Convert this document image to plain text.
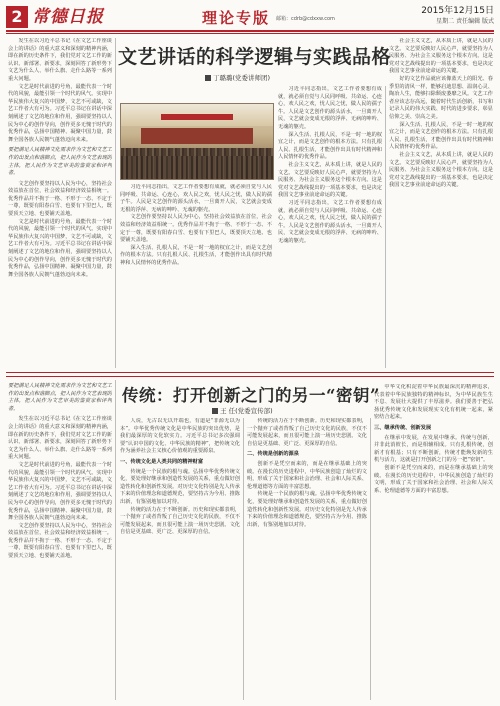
2 常德日报	理论专版 邮箱：cdrb@cdxxw.com
2015年12月15日
星期二 责任编辑 版式
文艺讲话的科学逻辑与实践品格
丁璐璐(党委讲师团)

发生在以习近平总书记《在文艺工作座谈会上的讲话》的重大意义和深刻的精神内涵，即在新的历史条件下，我们党对文艺工作的新认识、新部署、新要求，深刻回答了新形势下文艺为什么人、举什么旗、走什么路等一系列重大问题。

文艺是时代前进的号角，最能代表一个时代的风貌，最能引领一个时代的风气。实现中华民族伟大复兴的中国梦，文艺不可或缺，文艺工作者大有可为。习近平总书记在讲话中深刻阐述了文艺的地位和作用，强调要坚持以人民为中心的创作导向，创作更多无愧于时代的优秀作品，弘扬中国精神、凝聚中国力量，鼓舞全国各族人民朝气蓬勃迈向未来。

要把满足人民精神文化需求作为文艺和文艺工作的出发点和落脚点，把人民作为文艺表现的主体，把人民作为文艺审美的鉴赏家和评判者。

文艺创作要坚持以人民为中心，坚持社会效益放在首位，社会效益和经济效益相统一。优秀作品并不拘于一格、不形于一态、不定于一尊，既要有阳春白雪、也要有下里巴人，既要顶天立地、也要铺天盖地。

文艺是时代前进的号角，最能代表一个时代的风貌，最能引领一个时代的风气。实现中华民族伟大复兴的中国梦，文艺不可或缺，文艺工作者大有可为。习近平总书记在讲话中深刻阐述了文艺的地位和作用，强调要坚持以人民为中心的创作导向，创作更多无愧于时代的优秀作品，弘扬中国精神、凝聚中国力量，鼓舞全国各族人民朝气蓬勃迈向未来。

习近平同志指出，文艺工作者要想有成就，就必须自觉与人民同呼吸、共命运、心连心，欢人民之欢，忧人民之忧，做人民的孺子牛。人民是文艺创作的源头活水，一旦离开人民，文艺就会变成无根的浮萍、无病的呻吟、无魂的躯壳。

深入生活、扎根人民，不是一时一地的权宜之计，而是文艺创作的根本方法。只有扎根人民、扎根生活，才能创作出具有时代精神和人民情怀的优秀作品。

社会主义文艺，从本质上讲，就是人民的文艺。文艺要反映好人民心声，就要坚持为人民服务、为社会主义服务这个根本方向。这是党对文艺战线提出的一项基本要求，也是决定我国文艺事业前途命运的关键。

习近平同志指出，文艺工作者要想有成就，就必须自觉与人民同呼吸、共命运、心连心，欢人民之欢，忧人民之忧，做人民的孺子牛。人民是文艺创作的源头活水，一旦离开人民，文艺就会变成无根的浮萍、无病的呻吟、无魂的躯壳。

社会主义文艺，从本质上讲，就是人民的文艺。文艺要反映好人民心声，就要坚持为人民服务、为社会主义服务这个根本方向。这是党对文艺战线提出的一项基本要求，也是决定我国文艺事业前途命运的关键。

好的文艺作品就应该像蓝天上的阳光、春季里的清风一样，能够启迪思想、温润心灵、陶冶人生，能够扫除颓废萎靡之风。文艺工作者应该志存高远，随着时代生活创新，书写和记录人民的伟大实践、时代的进步要求，彰显信仰之美、崇高之美。

深入生活、扎根人民，不是一时一地的权宜之计，而是文艺创作的根本方法。只有扎根人民、扎根生活，才能创作出具有时代精神和人民情怀的优秀作品。

社会主义文艺，从本质上讲，就是人民的文艺。文艺要反映好人民心声，就要坚持为人民服务、为社会主义服务这个根本方向。这是党对文艺战线提出的一项基本要求，也是决定我国文艺事业前途命运的关键。

习近平同志指出，文艺工作者要想有成就，就必须自觉与人民同呼吸、共命运、心连心，欢人民之欢，忧人民之忧，做人民的孺子牛。人民是文艺创作的源头活水，一旦离开人民，文艺就会变成无根的浮萍、无病的呻吟、无魂的躯壳。

文艺创作要坚持以人民为中心，坚持社会效益放在首位，社会效益和经济效益相统一。优秀作品并不拘于一格、不形于一态、不定于一尊，既要有阳春白雪、也要有下里巴人，既要顶天立地、也要铺天盖地。

深入生活、扎根人民，不是一时一地的权宜之计，而是文艺创作的根本方法。只有扎根人民、扎根生活，才能创作出具有时代精神和人民情怀的优秀作品。

要把满足人民精神文化需求作为文艺和文艺工作的出发点和落脚点，把人民作为文艺表现的主体，把人民作为文艺审美的鉴赏家和评判者。

发生在以习近平总书记《在文艺工作座谈会上的讲话》的重大意义和深刻的精神内涵，即在新的历史条件下，我们党对文艺工作的新认识、新部署、新要求，深刻回答了新形势下文艺为什么人、举什么旗、走什么路等一系列重大问题。

文艺是时代前进的号角，最能代表一个时代的风貌，最能引领一个时代的风气。实现中华民族伟大复兴的中国梦，文艺不可或缺，文艺工作者大有可为。习近平总书记在讲话中深刻阐述了文艺的地位和作用，强调要坚持以人民为中心的创作导向，创作更多无愧于时代的优秀作品，弘扬中国精神、凝聚中国力量，鼓舞全国各族人民朝气蓬勃迈向未来。

文艺创作要坚持以人民为中心，坚持社会效益放在首位，社会效益和经济效益相统一。优秀作品并不拘于一格、不形于一态、不定于一尊，既要有阳春白雪、也要有下里巴人，既要顶天立地、也要铺天盖地。

传统：打开创新之门的另一“密钥”
王 任(党委宣传部)

人说，无古以无以开端也，有道是“非源无以为本”。中华优秀传统文化是中华民族的突出优势，是我们最深厚的文化软实力。习近平总书记多次强调要“认识中国的文化、中华民族的精神”，把传统文化作为涵养社会主义核心价值观的重要源泉。

一、传统文化是人类共同的精神财富

传统是一个民族的根与魂。弘扬中华优秀传统文化，要处理好继承和创造性发展的关系，重点做好创造性转化和创新性发展。对历史文化特别是先人传承下来的价值理念和道德规范，要坚持古为今用、推陈出新，有鉴别地加以对待。

传统的活力在于不断创新。历史和现实都表明，一个抛弃了或者背叛了自己历史文化的民族，不仅不可能发展起来，而且很可能上演一场历史悲剧。文化自信是更基础、更广泛、更深厚的自信。

传统的活力在于不断创新。历史和现实都表明，一个抛弃了或者背叛了自己历史文化的民族，不仅不可能发展起来，而且很可能上演一场历史悲剧。文化自信是更基础、更广泛、更深厚的自信。

二、传统是创新的源泉

创新不是凭空而来的，而是在继承基础上的突破。在漫长的历史进程中，中华民族创造了灿烂的文明，形成了关于国家和社会治理、社会和人际关系、伦理道德等方面的丰富思想。

传统是一个民族的根与魂。弘扬中华优秀传统文化，要处理好继承和创造性发展的关系，重点做好创造性转化和创新性发展。对历史文化特别是先人传承下来的价值理念和道德规范，要坚持古为今用、推陈出新，有鉴别地加以对待。

中华文化积淀着中华民族最深沉的精神追求，代表着中华民族独特的精神标识，为中华民族生生不息、发展壮大提供了丰厚滋养。我们要善于把弘扬优秀传统文化和发展现实文化有机统一起来，紧密结合起来。

三、继承传统、创新发展

在继承中发展，在发展中继承。传统与创新，并非此消彼长，而是相辅相成。只有扎根传统，创新才有根基；只有不断创新，传统才能焕发新的生机与活力，这就是打开创新之门的另一把“密钥”。

创新不是凭空而来的，而是在继承基础上的突破。在漫长的历史进程中，中华民族创造了灿烂的文明，形成了关于国家和社会治理、社会和人际关系、伦理道德等方面的丰富思想。
